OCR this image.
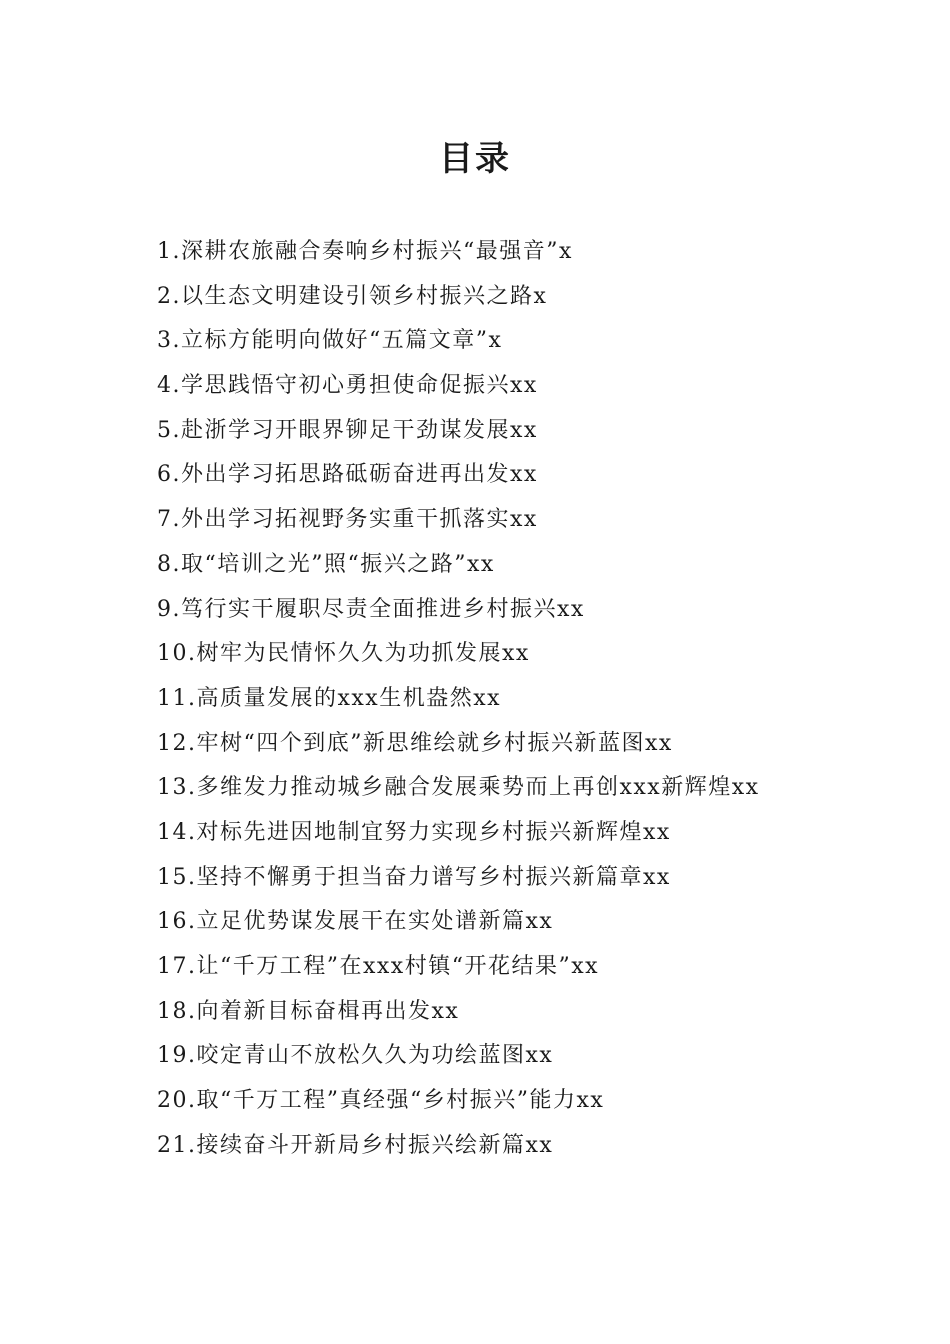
目录
1.深耕农旅融合奏响乡村振兴“最强音”x
2.以生态文明建设引领乡村振兴之路x
3.立标方能明向做好“五篇文章”x
4.学思践悟守初心勇担使命促振兴xx
5.赴浙学习开眼界铆足干劲谋发展xx
6.外出学习拓思路砥砺奋进再出发xx
7.外出学习拓视野务实重干抓落实xx
8.取“培训之光”照“振兴之路”xx
9.笃行实干履职尽责全面推进乡村振兴xx
10.树牢为民情怀久久为功抓发展xx
11.高质量发展的xxx生机盎然xx
12.牢树“四个到底”新思维绘就乡村振兴新蓝图xx
13.多维发力推动城乡融合发展乘势而上再创xxx新辉煌xx
14.对标先进因地制宜努力实现乡村振兴新辉煌xx
15.坚持不懈勇于担当奋力谱写乡村振兴新篇章xx
16.立足优势谋发展干在实处谱新篇xx
17.让“千万工程”在xxx村镇“开花结果”xx
18.向着新目标奋楫再出发xx
19.咬定青山不放松久久为功绘蓝图xx
20.取“千万工程”真经强“乡村振兴”能力xx
21.接续奋斗开新局乡村振兴绘新篇xx
